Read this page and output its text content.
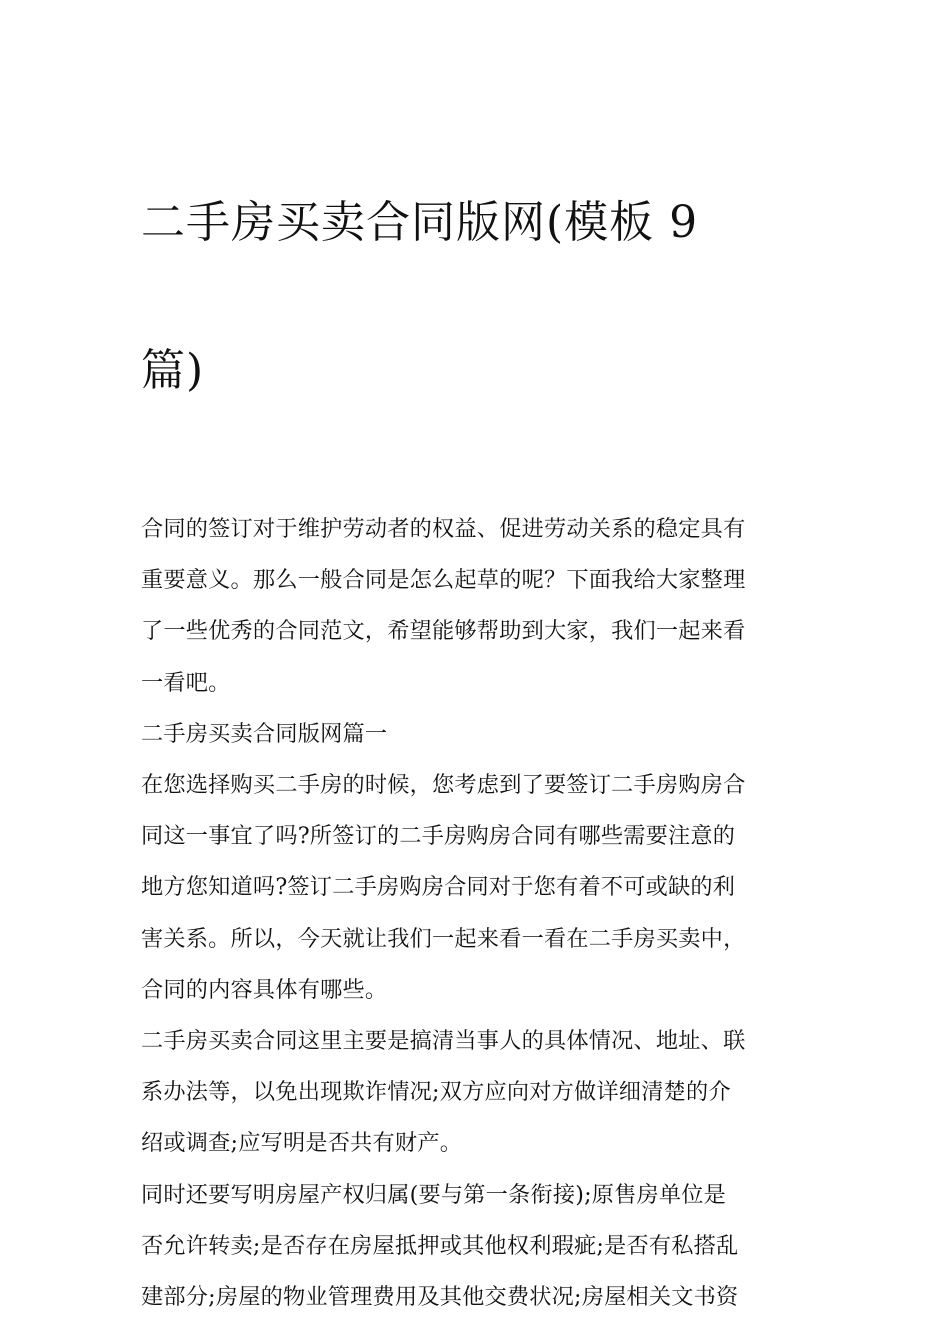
二手房买卖合同版网(模板 9

篇)

合同的签订对于维护劳动者的权益、促进劳动关系的稳定具有
重要意义。那么一般合同是怎么起草的呢？下面我给大家整理
了一些优秀的合同范文，希望能够帮助到大家，我们一起来看
一看吧。

二手房买卖合同版网篇一

在您选择购买二手房的时候，您考虑到了要签订二手房购房合
同这一事宜了吗?所签订的二手房购房合同有哪些需要注意的
地方您知道吗?签订二手房购房合同对于您有着不可或缺的利
害关系。所以，今天就让我们一起来看一看在二手房买卖中，
合同的内容具体有哪些。

二手房买卖合同这里主要是搞清当事人的具体情况、地址、联
系办法等，以免出现欺诈情况;双方应向对方做详细清楚的介
绍或调查;应写明是否共有财产。

同时还要写明房屋产权归属(要与第一条衔接);原售房单位是
否允许转卖;是否存在房屋抵押或其他权利瑕疵;是否有私搭乱
建部分;房屋的物业管理费用及其他交费状况;房屋相关文书资
